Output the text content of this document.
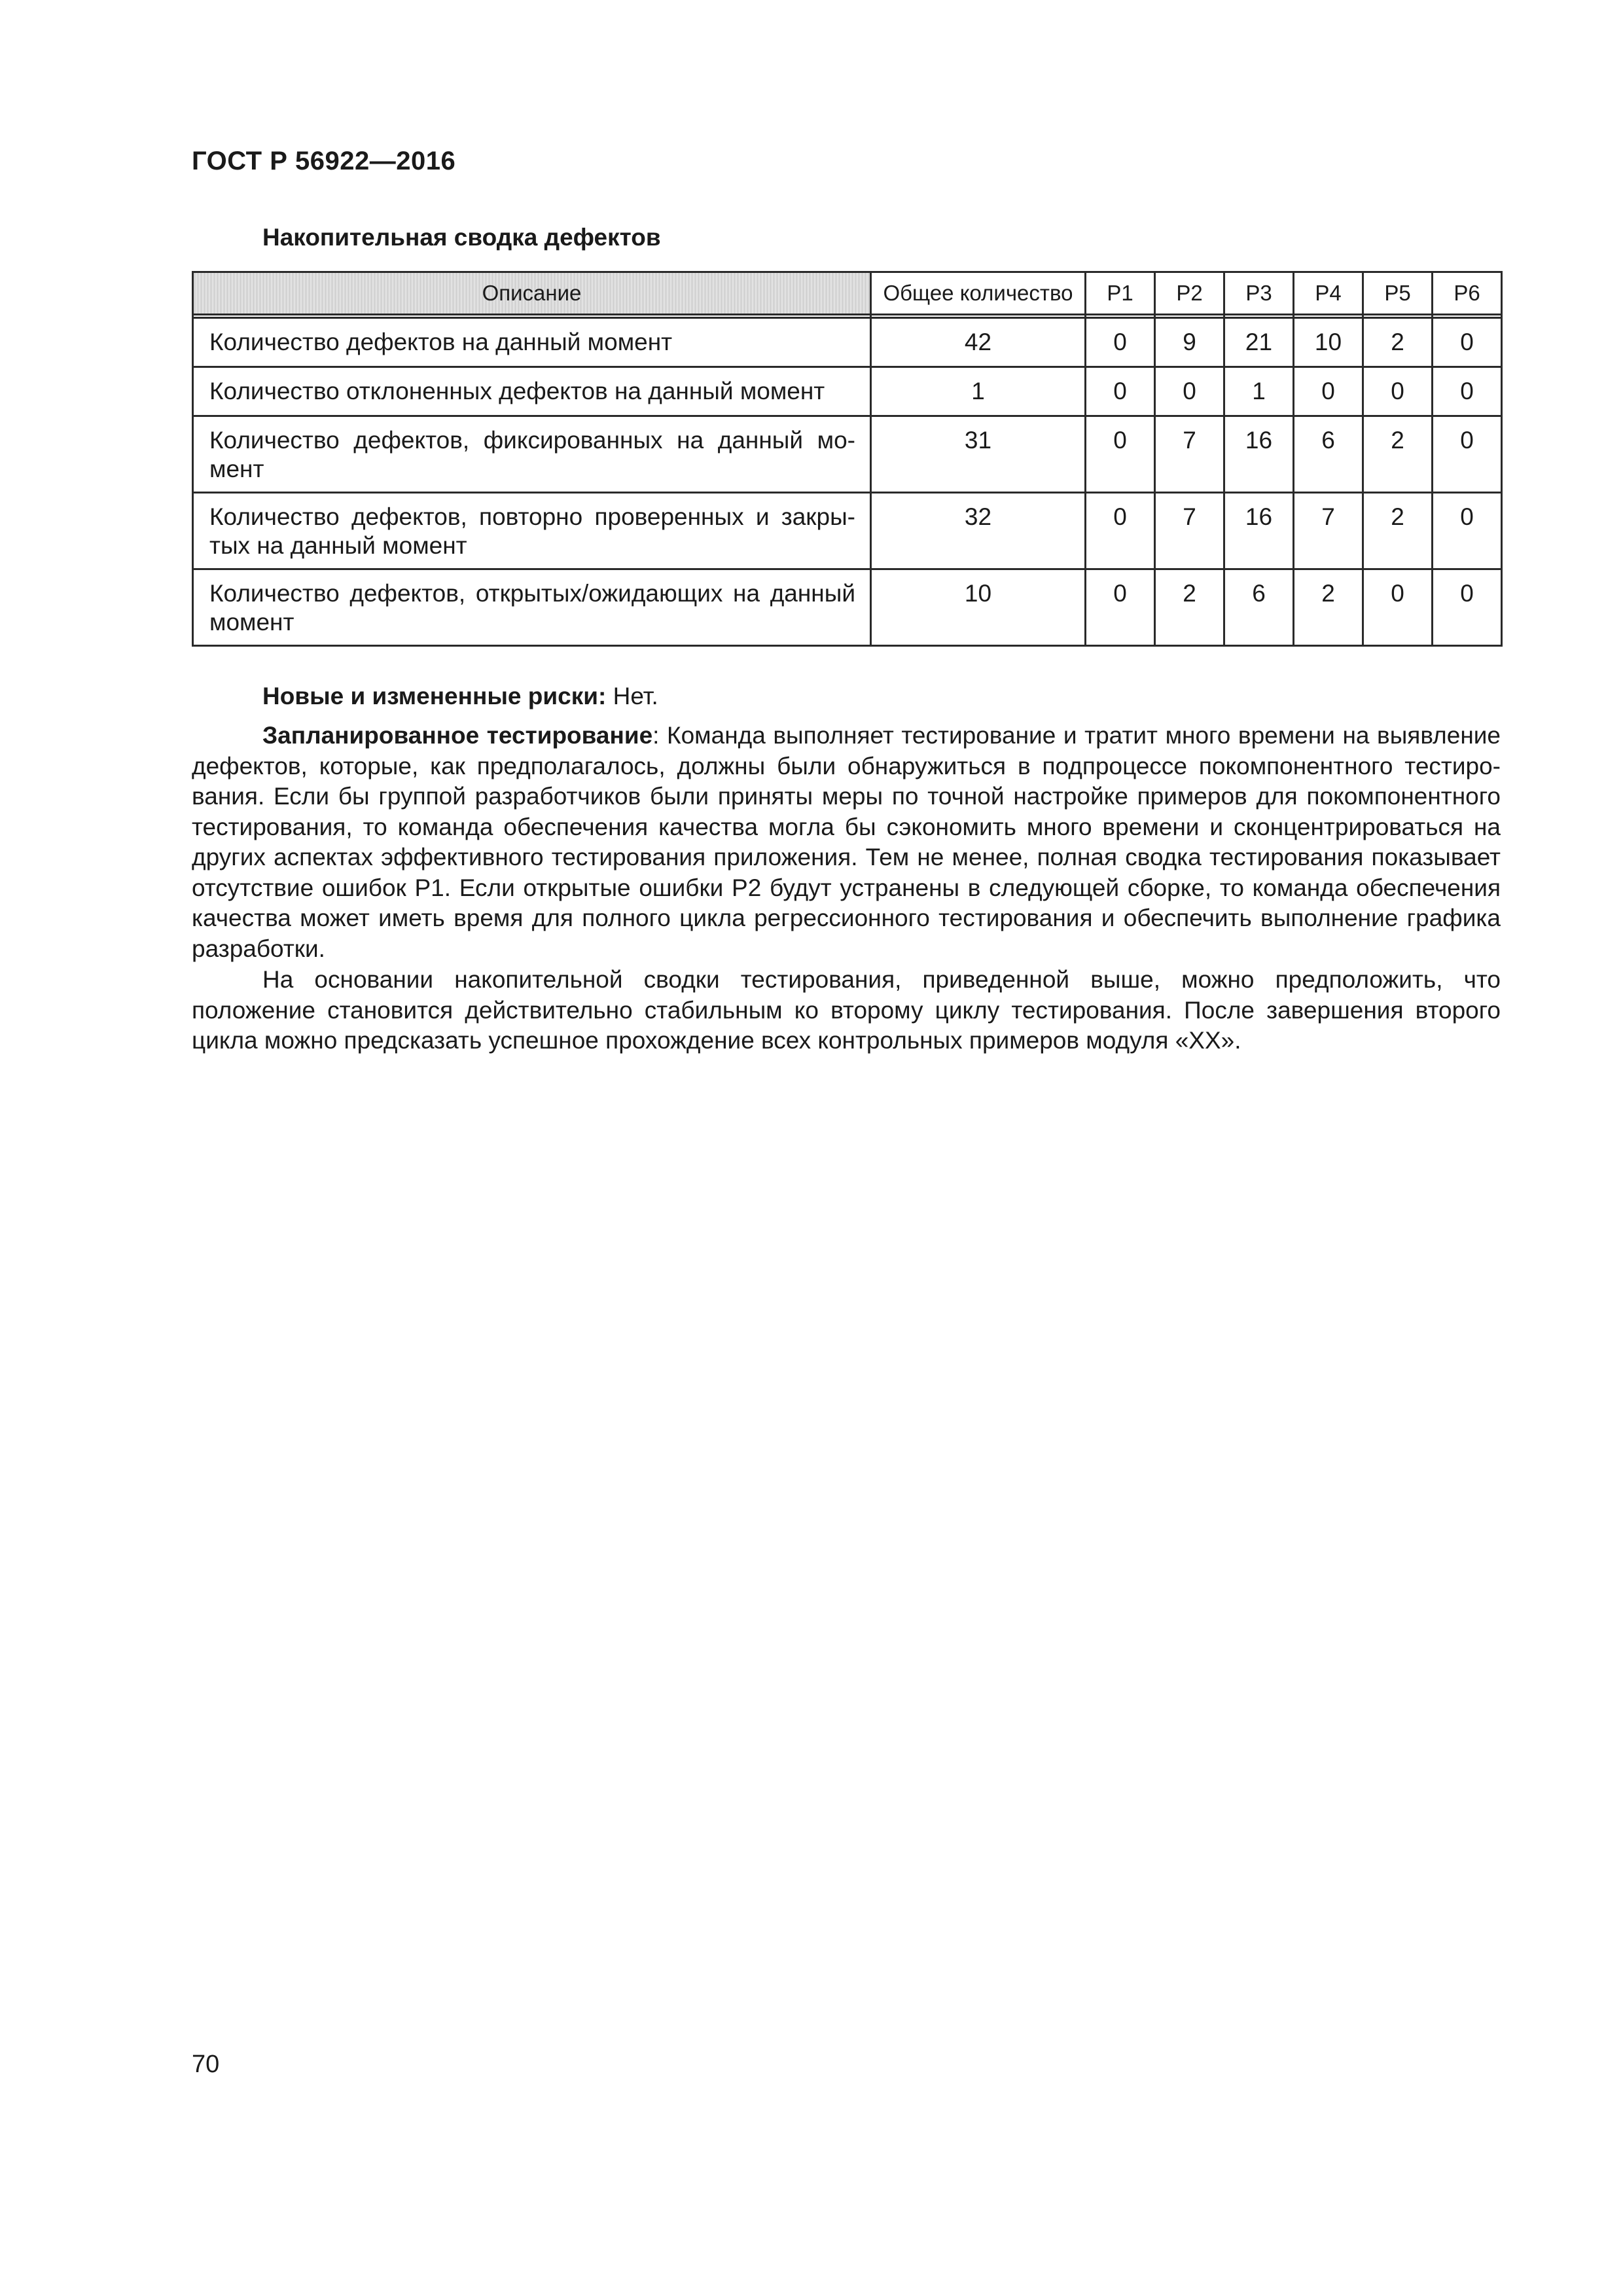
ГОСТ Р 56922—2016
Накопительная сводка дефектов
Описание	Общее количество	P1	P2	P3	P4	P5	P6

Количество дефектов на данный момент	42	0	9	21	10	2	0
Количество отклоненных дефектов на данный момент	1	0	0	1	0	0	0
Количество дефектов, фиксированных на данный мо-мент	31	0	7	16	6	2	0
Количество дефектов, повторно проверенных и закры-тых на данный момент	32	0	7	16	7	2	0
Количество дефектов, открытых/ожидающих на данный момент	10	0	2	6	2	0	0

Новые и измененные риски: Нет.

Запланированное тестирование: Команда выполняет тестирование и тратит много времени на выявление дефектов, которые, как предполагалось, должны были обнаружиться в подпроцессе покомпонентного тестиро-вания. Если бы группой разработчиков были приняты меры по точной настройке примеров для покомпонентного тестирования, то команда обеспечения качества могла бы сэкономить много времени и сконцентрироваться на других аспектах эффективного тестирования приложения. Тем не менее, полная сводка тестирования показывает отсутствие ошибок P1. Если открытые ошибки P2 будут устранены в следующей сборке, то команда обеспечения качества может иметь время для полного цикла регрессионного тестирования и обеспечить выполнение графика разработки.

На основании накопительной сводки тестирования, приведенной выше, можно предположить, что положение становится действительно стабильным ко второму циклу тестирования. После завершения второго цикла можно предсказать успешное прохождение всех контрольных примеров модуля «XX».

70
